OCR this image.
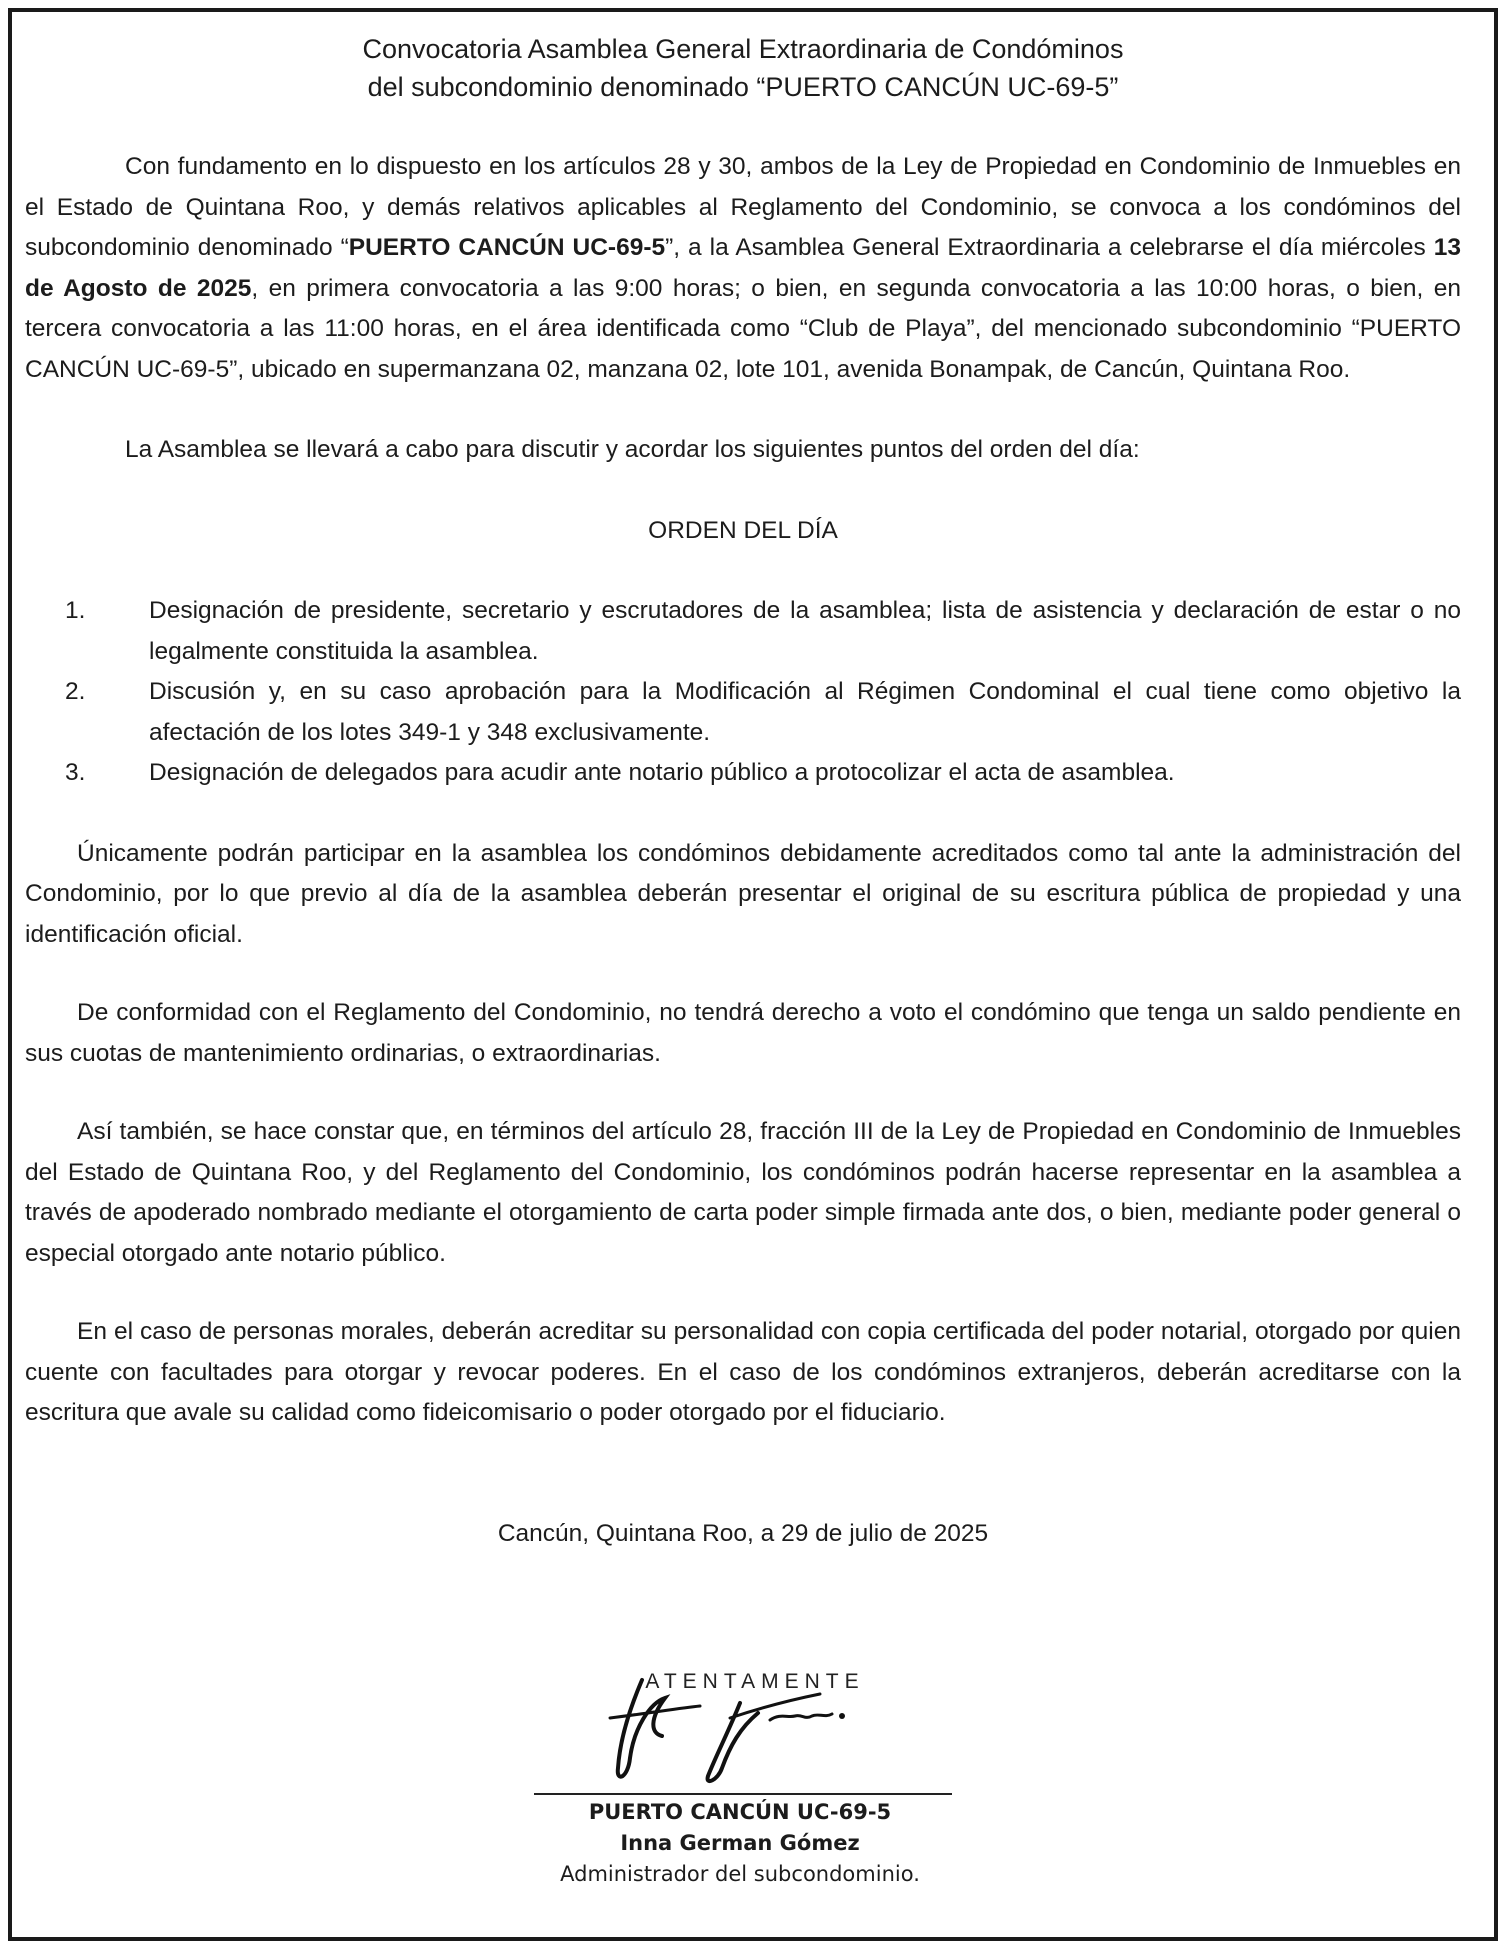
Convocatoria Asamblea General Extraordinaria de Condóminos
del subcondominio denominado “PUERTO CANCÚN UC-69-5”

Con fundamento en lo dispuesto en los artículos 28 y 30, ambos de la Ley de Propiedad en Condominio de Inmuebles en el Estado de Quintana Roo, y demás relativos aplicables al Reglamento del Condominio, se convoca a los condóminos del subcondominio denominado “PUERTO CANCÚN UC-69-5”, a la Asamblea General Extraordinaria a celebrarse el día miércoles 13 de Agosto de 2025, en primera convocatoria a las 9:00 horas; o bien, en segunda convocatoria a las 10:00 horas, o bien, en tercera convocatoria a las 11:00 horas, en el área identificada como “Club de Playa”, del mencionado subcondominio “PUERTO CANCÚN UC-69-5”, ubicado en supermanzana 02, manzana 02, lote 101, avenida Bonampak, de Cancún, Quintana Roo.

La Asamblea se llevará a cabo para discutir y acordar los siguientes puntos del orden del día:

ORDEN DEL DÍA

1.	Designación de presidente, secretario y escrutadores de la asamblea; lista de asistencia y declaración de estar o no legalmente constituida la asamblea.
2.	Discusión y, en su caso aprobación para la Modificación al Régimen Condominal el cual tiene como objetivo la afectación de los lotes 349-1 y 348 exclusivamente.
3.	Designación de delegados para acudir ante notario público a protocolizar el acta de asamblea.

Únicamente podrán participar en la asamblea los condóminos debidamente acreditados como tal ante la administración del Condominio, por lo que previo al día de la asamblea deberán presentar el original de su escritura pública de propiedad y una identificación oficial.

De conformidad con el Reglamento del Condominio, no tendrá derecho a voto el condómino que tenga un saldo pendiente en sus cuotas de mantenimiento ordinarias, o extraordinarias.

Así también, se hace constar que, en términos del artículo 28, fracción III de la Ley de Propiedad en Condominio de Inmuebles del Estado de Quintana Roo, y del Reglamento del Condominio, los condóminos podrán hacerse representar en la asamblea a través de apoderado nombrado mediante el otorgamiento de carta poder simple firmada ante dos, o bien, mediante poder general o especial otorgado ante notario público.

En el caso de personas morales, deberán acreditar su personalidad con copia certificada del poder notarial, otorgado por quien cuente con facultades para otorgar y revocar poderes. En el caso de los condóminos extranjeros, deberán acreditarse con la escritura que avale su calidad como fideicomisario o poder otorgado por el fiduciario.

Cancún, Quintana Roo, a 29 de julio de 2025

ATENTAMENTE
PUERTO CANCÚN UC-69-5
Inna German Gómez
Administrador del subcondominio.
